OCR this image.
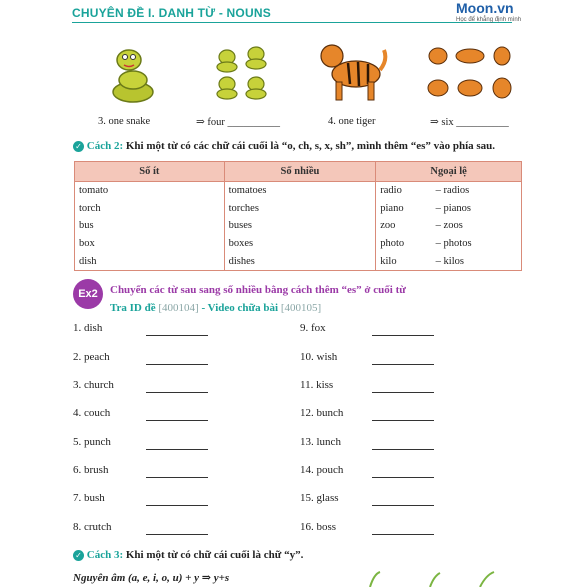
CHUYÊN ĐỀ I. DANH TỪ - NOUNS	Moon.vn
Học để khẳng định mình
3. one snake	⇒ four __________	4. one tiger	⇒ six __________
✓ Cách 2: Khi một từ có các chữ cái cuối là “o, ch, s, x, sh”, mình thêm “es” vào phía sau.
Số ít	Số nhiều	Ngoại lệ	
tomato	tomatoes	radio	– radios
torch	torches	piano	– pianos
bus	buses	zoo	– zoos
box	boxes	photo	– photos
dish	dishes	kilo	– kilos
Ex2	Chuyển các từ sau sang số nhiều bằng cách thêm “es” ở cuối từ
Tra ID đề [400104] - Video chữa bài [400105]
1. dish
2. peach
3. church
4. couch
5. punch
6. brush
7. bush
8. crutch
9. fox
10. wish
11. kiss
12. bunch
13. lunch
14. pouch
15. glass
16. boss
✓ Cách 3: Khi một từ có chữ cái cuối là chữ “y”.
Nguyên âm (a, e, i, o, u) + y ⇒ y+s
